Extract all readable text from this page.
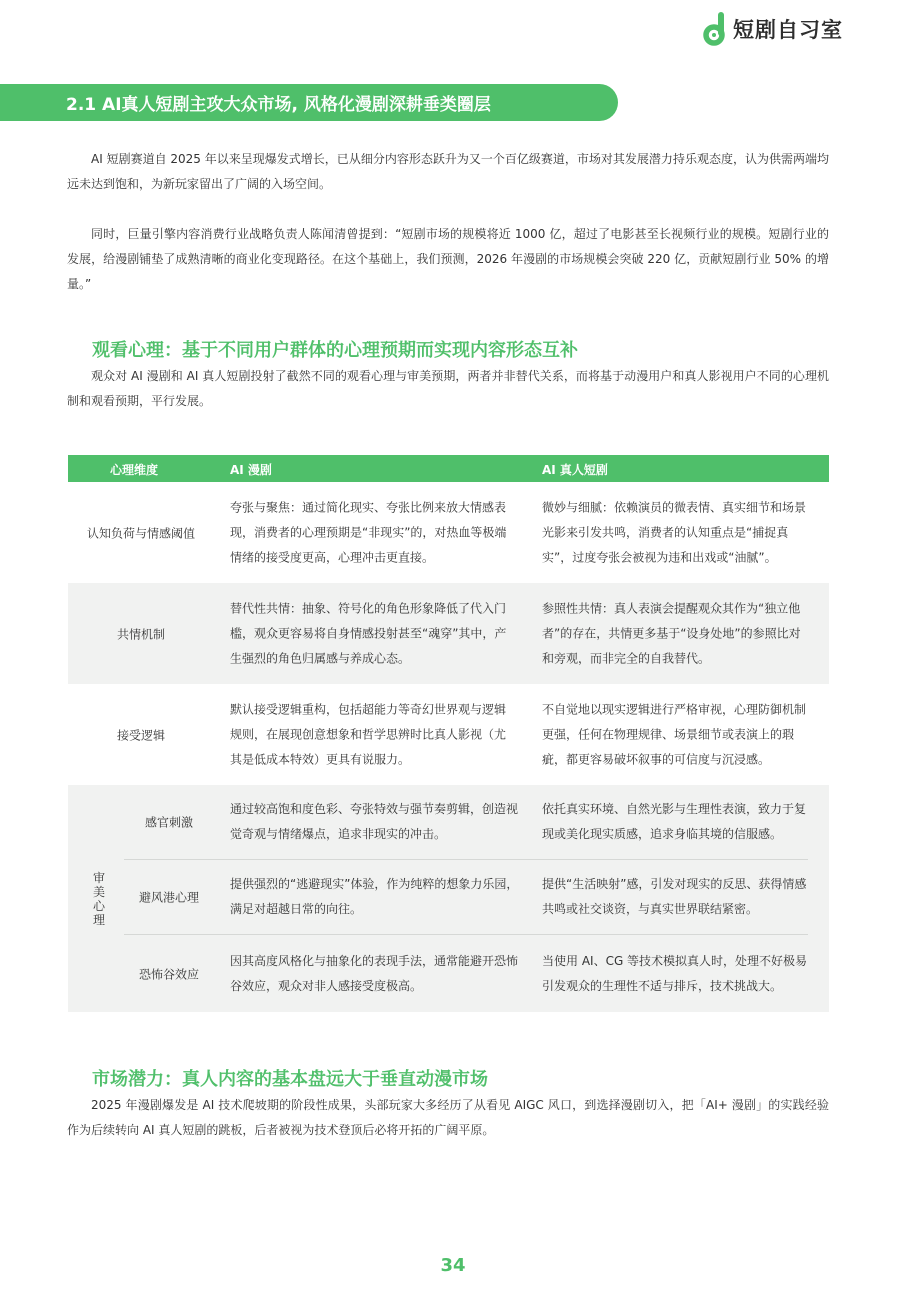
短剧自习室
2.1 AI真人短剧主攻大众市场, 风格化漫剧深耕垂类圈层

AI 短剧赛道自 2025 年以来呈现爆发式增长，已从细分内容形态跃升为又一个百亿级赛道，市场对其发展潜力持乐观态度，认为供需两端均远未达到饱和，为新玩家留出了广阔的入场空间。

同时，巨量引擎内容消费行业战略负责人陈闻清曾提到：“短剧市场的规模将近 1000 亿，超过了电影甚至长视频行业的规模。短剧行业的发展，给漫剧铺垫了成熟清晰的商业化变现路径。在这个基础上，我们预测，2026 年漫剧的市场规模会突破 220 亿，贡献短剧行业 50% 的增量。”

观看心理：基于不同用户群体的心理预期而实现内容形态互补

观众对 AI 漫剧和 AI 真人短剧投射了截然不同的观看心理与审美预期，两者并非替代关系，而将基于动漫用户和真人影视用户不同的心理机制和观看预期，平行发展。

心理维度	AI 漫剧	AI 真人短剧
认知负荷与情感阈值
夸张与聚焦：通过简化现实、夸张比例来放大情感表现，消费者的心理预期是“非现实”的，对热血等极端情绪的接受度更高，心理冲击更直接。
微妙与细腻：依赖演员的微表情、真实细节和场景光影来引发共鸣，消费者的认知重点是“捕捉真实”，过度夸张会被视为违和出戏或“油腻”。
共情机制
替代性共情：抽象、符号化的角色形象降低了代入门槛，观众更容易将自身情感投射甚至“魂穿”其中，产生强烈的角色归属感与养成心态。
参照性共情：真人表演会提醒观众其作为“独立他者”的存在，共情更多基于“设身处地”的参照比对和旁观，而非完全的自我替代。
接受逻辑
默认接受逻辑重构，包括超能力等奇幻世界观与逻辑规则，在展现创意想象和哲学思辨时比真人影视（尤其是低成本特效）更具有说服力。
不自觉地以现实逻辑进行严格审视，心理防御机制更强，任何在物理规律、场景细节或表演上的瑕疵，都更容易破坏叙事的可信度与沉浸感。
审美心理
感官刺激
通过较高饱和度色彩、夸张特效与强节奏剪辑，创造视觉奇观与情绪爆点，追求非现实的冲击。
依托真实环境、自然光影与生理性表演，致力于复现或美化现实质感，追求身临其境的信服感。
避风港心理
提供强烈的“逃避现实”体验，作为纯粹的想象力乐园，满足对超越日常的向往。
提供“生活映射”感，引发对现实的反思、获得情感共鸣或社交谈资，与真实世界联结紧密。
恐怖谷效应
因其高度风格化与抽象化的表现手法，通常能避开恐怖谷效应，观众对非人感接受度极高。
当使用 AI、CG 等技术模拟真人时，处理不好极易引发观众的生理性不适与排斥，技术挑战大。
市场潜力：真人内容的基本盘远大于垂直动漫市场

2025 年漫剧爆发是 AI 技术爬坡期的阶段性成果，头部玩家大多经历了从看见 AIGC 风口，到选择漫剧切入，把「AI+ 漫剧」的实践经验作为后续转向 AI 真人短剧的跳板，后者被视为技术登顶后必将开拓的广阔平原。

34
